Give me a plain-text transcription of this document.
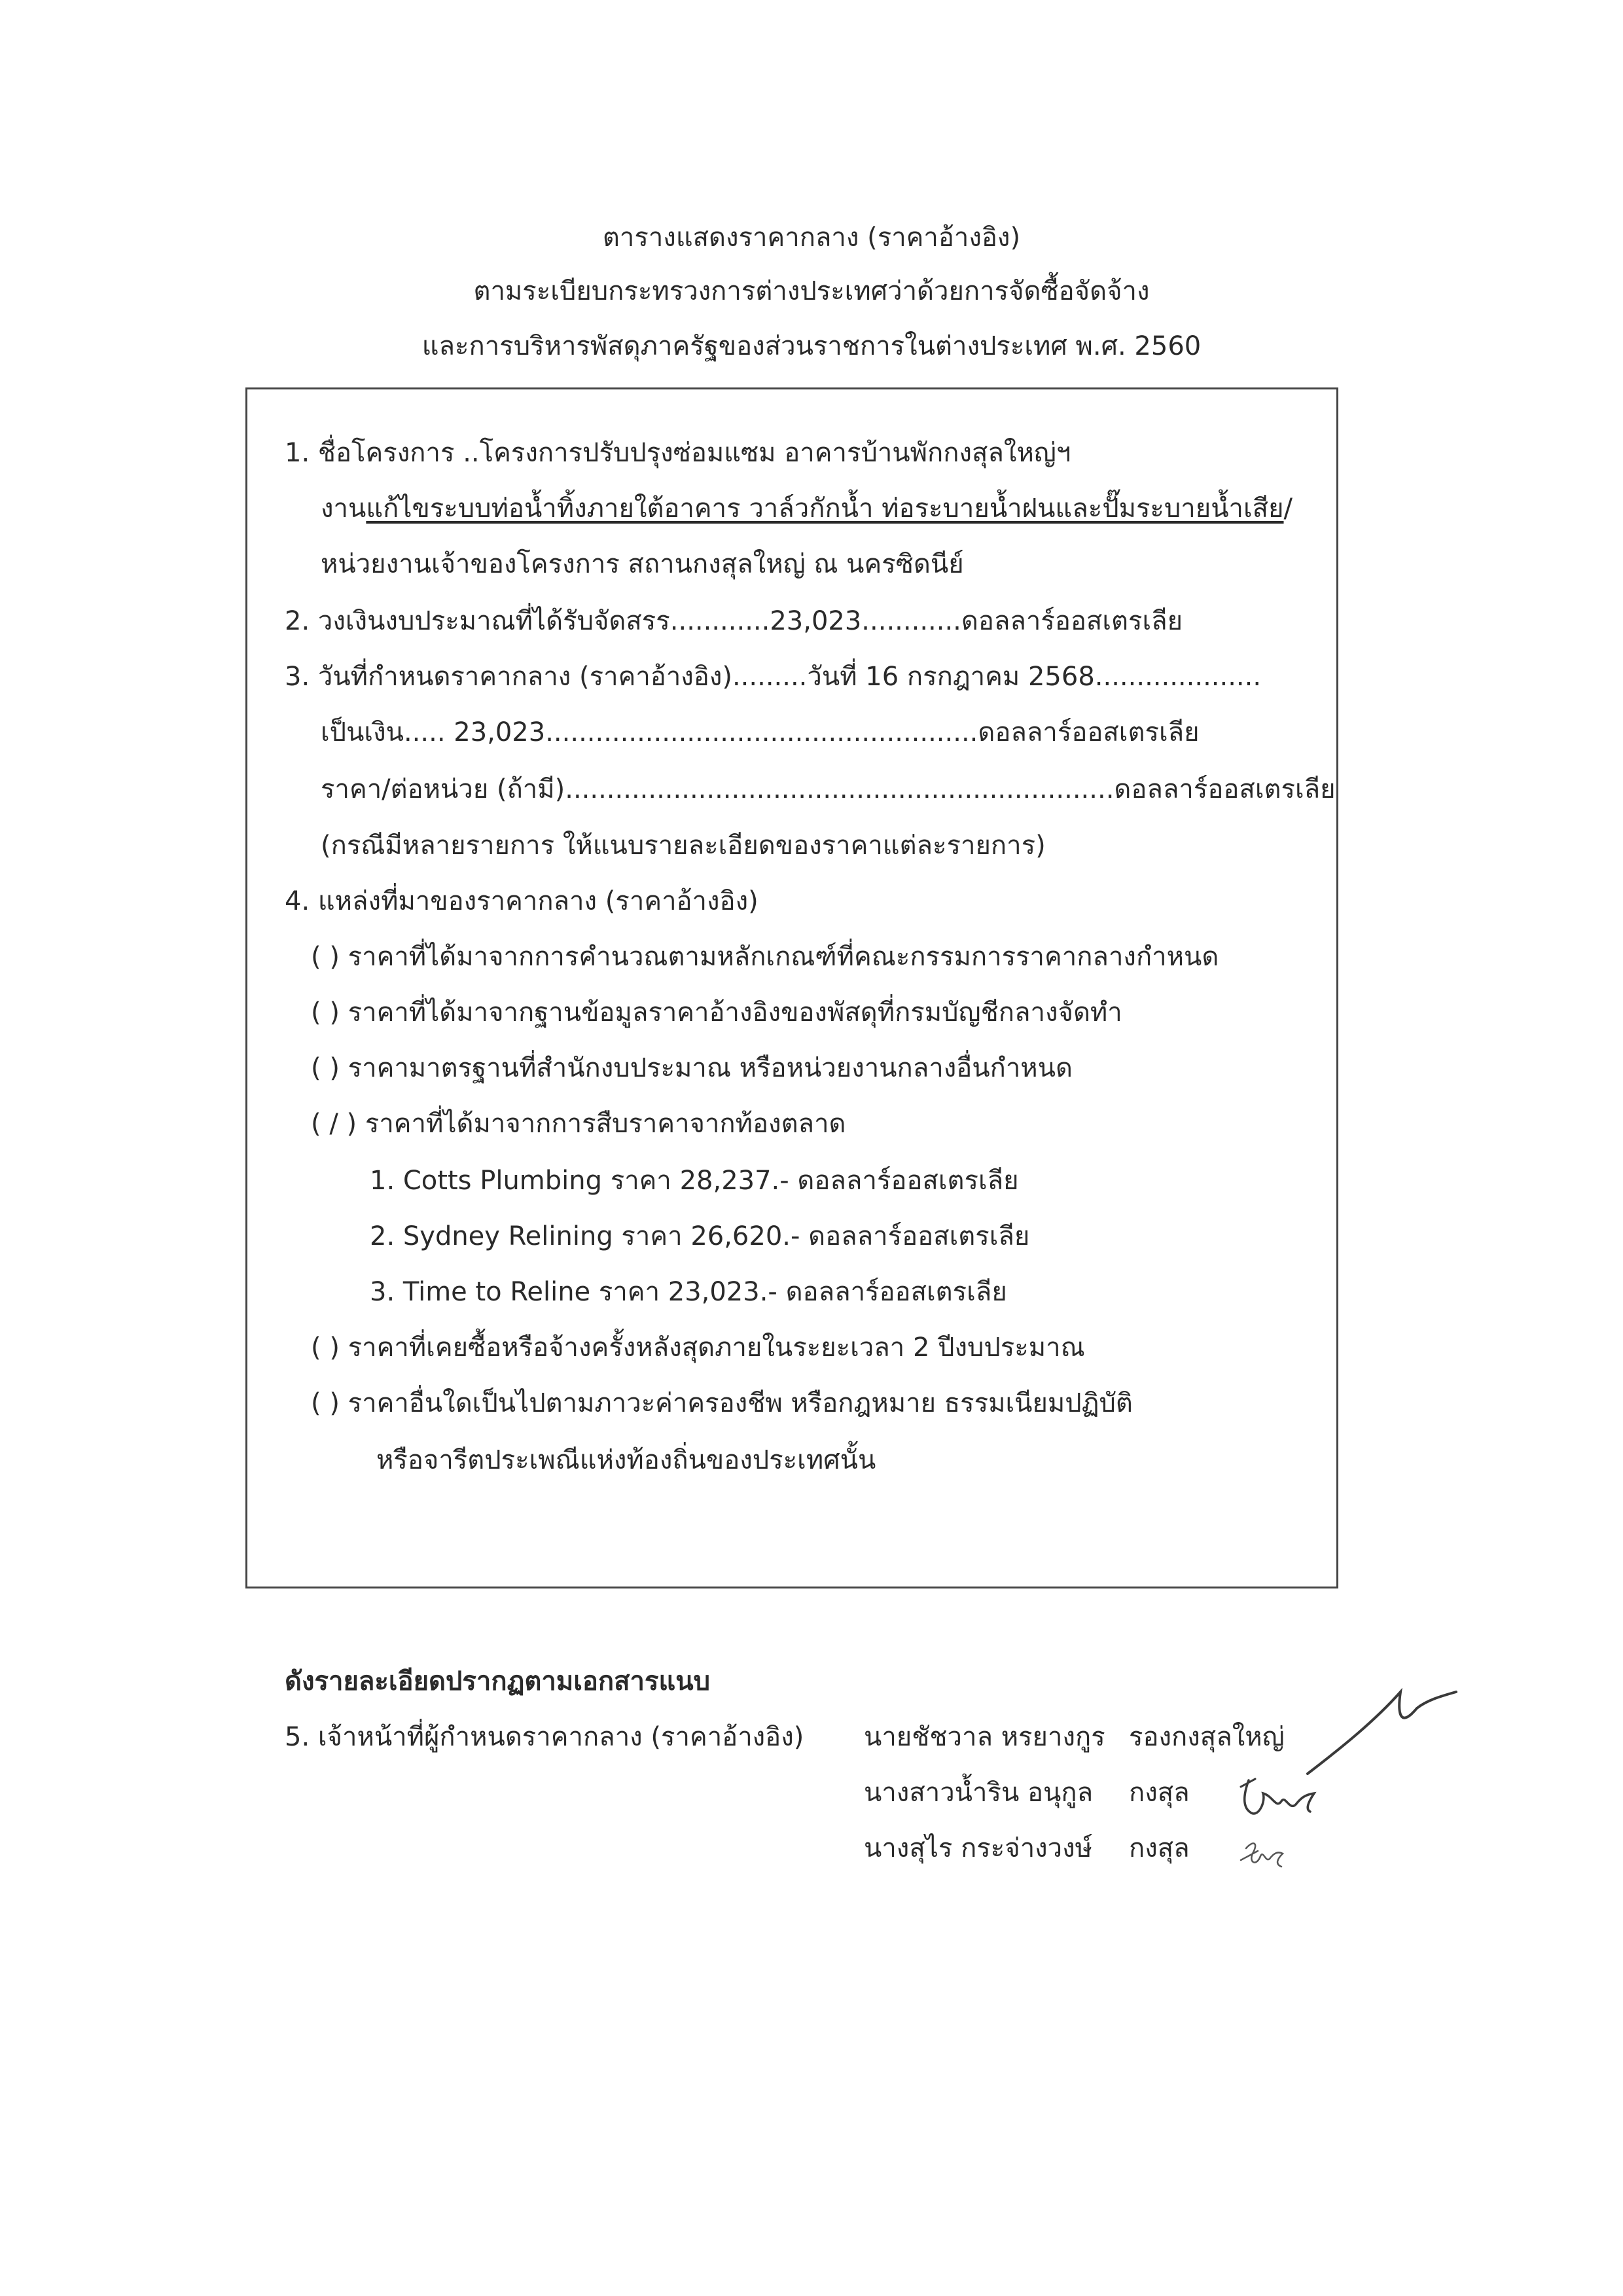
ตารางแสดงราคากลาง (ราคาอ้างอิง)
ตามระเบียบกระทรวงการต่างประเทศว่าด้วยการจัดซื้อจัดจ้าง
และการบริหารพัสดุภาครัฐของส่วนราชการในต่างประเทศ พ.ศ. 2560
1. ชื่อโครงการ ..โครงการปรับปรุงซ่อมแซม อาคารบ้านพักกงสุลใหญ่ฯ
งานแก้ไขระบบท่อน้ำทิ้งภายใต้อาคาร วาล์วกักน้ำ ท่อระบายน้ำฝนและปั๊มระบายน้ำเสีย/
หน่วยงานเจ้าของโครงการ สถานกงสุลใหญ่ ณ นครซิดนีย์
2. วงเงินงบประมาณที่ได้รับจัดสรร............23,023............ดอลลาร์ออสเตรเลีย
3. วันที่กำหนดราคากลาง (ราคาอ้างอิง).........วันที่ 16 กรกฎาคม 2568....................
เป็นเงิน..... 23,023....................................................ดอลลาร์ออสเตรเลีย
ราคา/ต่อหน่วย (ถ้ามี)..................................................................ดอลลาร์ออสเตรเลีย
(กรณีมีหลายรายการ ให้แนบรายละเอียดของราคาแต่ละรายการ)
4. แหล่งที่มาของราคากลาง (ราคาอ้างอิง)
( ) ราคาที่ได้มาจากการคำนวณตามหลักเกณฑ์ที่คณะกรรมการราคากลางกำหนด
( ) ราคาที่ได้มาจากฐานข้อมูลราคาอ้างอิงของพัสดุที่กรมบัญชีกลางจัดทำ
( ) ราคามาตรฐานที่สำนักงบประมาณ หรือหน่วยงานกลางอื่นกำหนด
( / ) ราคาที่ได้มาจากการสืบราคาจากท้องตลาด
1. Cotts Plumbing ราคา 28,237.- ดอลลาร์ออสเตรเลีย
2. Sydney Relining ราคา 26,620.- ดอลลาร์ออสเตรเลีย
3. Time to Reline ราคา 23,023.- ดอลลาร์ออสเตรเลีย
( ) ราคาที่เคยซื้อหรือจ้างครั้งหลังสุดภายในระยะเวลา 2 ปีงบประมาณ
( ) ราคาอื่นใดเป็นไปตามภาวะค่าครองชีพ หรือกฎหมาย ธรรมเนียมปฏิบัติ
หรือจารีตประเพณีแห่งท้องถิ่นของประเทศนั้น
ดังรายละเอียดปรากฏตามเอกสารแนบ
5. เจ้าหน้าที่ผู้กำหนดราคากลาง (ราคาอ้างอิง) นายชัชวาล หรยางกูร รองกงสุลใหญ่
นางสาวน้ำริน อนุกูล กงสุล
นางสุไร กระจ่างวงษ์ กงสุล
